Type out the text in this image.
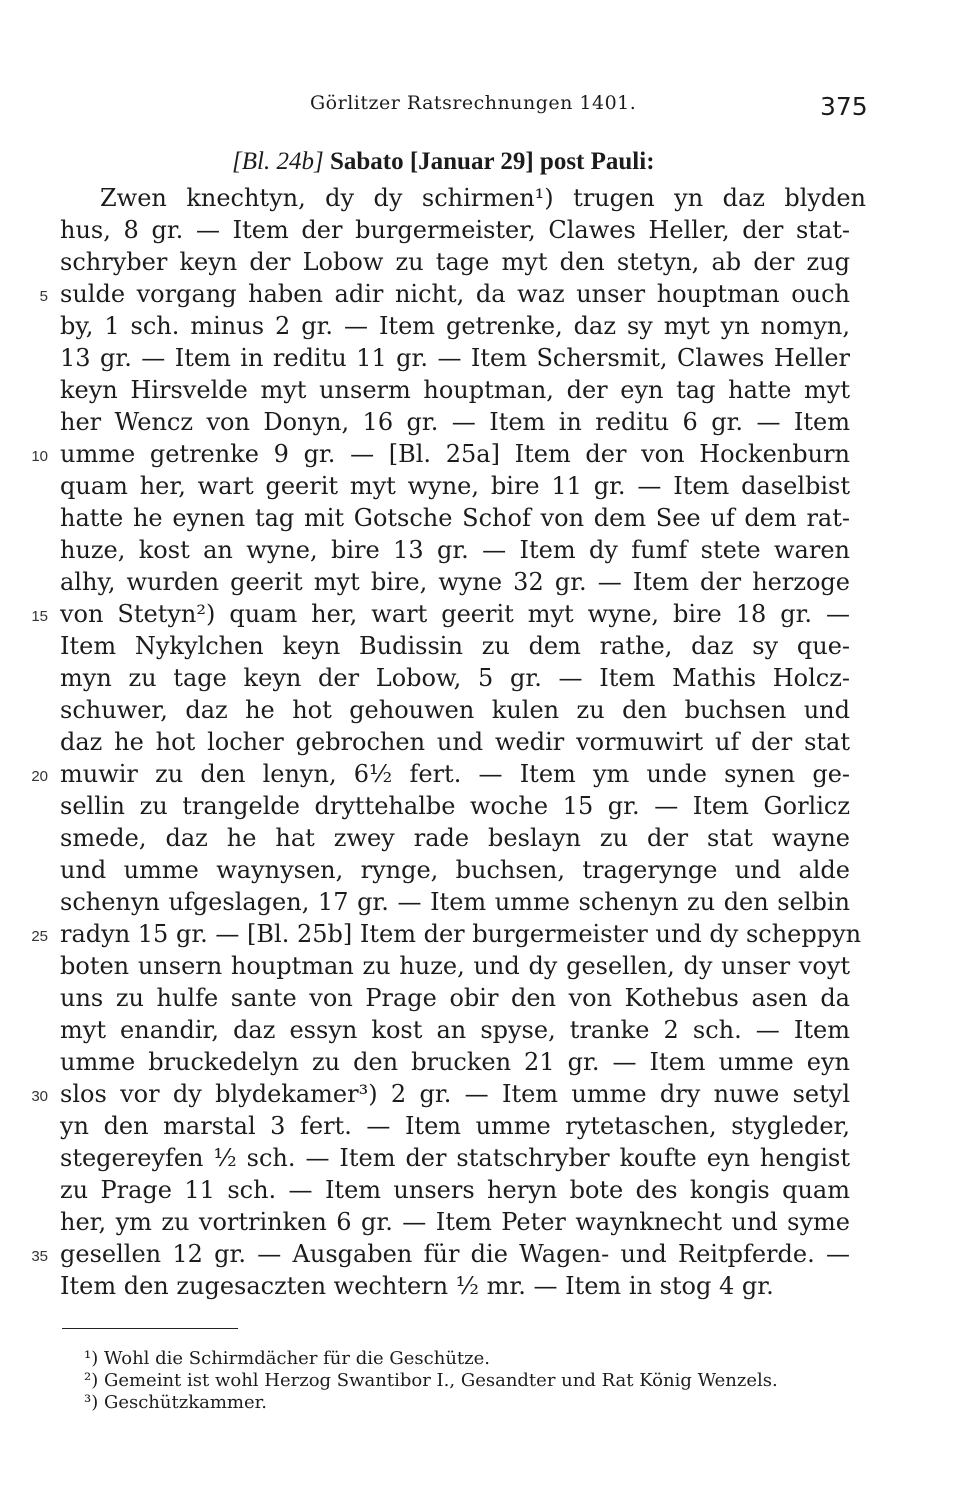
Görlitzer Ratsrechnungen 1401.	375
[Bl. 24b] Sabato [Januar 29] post Pauli:
Zwen knechtyn, dy dy schirmen¹) trugen yn daz blyden
hus, 8 gr. — Item der burgermeister, Clawes Heller, der stat-
schryber keyn der Lobow zu tage myt den stetyn, ab der zug
sulde vorgang haben adir nicht, da waz unser houptman ouch
by, 1 sch. minus 2 gr. — Item getrenke, daz sy myt yn nomyn,
13 gr. — Item in reditu 11 gr. — Item Schersmit, Clawes Heller
keyn Hirsvelde myt unserm houptman, der eyn tag hatte myt
her Wencz von Donyn, 16 gr. — Item in reditu 6 gr. — Item
umme getrenke 9 gr. — [Bl. 25a] Item der von Hockenburn
quam her, wart geerit myt wyne, bire 11 gr. — Item daselbist
hatte he eynen tag mit Gotsche Schof von dem See uf dem rat-
huze, kost an wyne, bire 13 gr. — Item dy fumf stete waren
alhy, wurden geerit myt bire, wyne 32 gr. — Item der herzoge
von Stetyn²) quam her, wart geerit myt wyne, bire 18 gr. —
Item Nykylchen keyn Budissin zu dem rathe, daz sy que-
myn zu tage keyn der Lobow, 5 gr. — Item Mathis Holcz-
schuwer, daz he hot gehouwen kulen zu den buchsen und
daz he hot locher gebrochen und wedir vormuwirt uf der stat
muwir zu den lenyn, 6½ fert. — Item ym unde synen ge-
sellin zu trangelde dryttehalbe woche 15 gr. — Item Gorlicz
smede, daz he hat zwey rade beslayn zu der stat wayne
und umme waynysen, rynge, buchsen, tragerynge und alde
schenyn ufgeslagen, 17 gr. — Item umme schenyn zu den selbin
radyn 15 gr. — [Bl. 25b] Item der burgermeister und dy scheppyn
boten unsern houptman zu huze, und dy gesellen, dy unser voyt
uns zu hulfe sante von Prage obir den von Kothebus asen da
myt enandir, daz essyn kost an spyse, tranke 2 sch. — Item
umme bruckedelyn zu den brucken 21 gr. — Item umme eyn
slos vor dy blydekamer³) 2 gr. — Item umme dry nuwe setyl
yn den marstal 3 fert. — Item umme rytetaschen, stygleder,
stegereyfen ½ sch. — Item der statschryber koufte eyn hengist
zu Prage 11 sch. — Item unsers heryn bote des kongis quam
her, ym zu vortrinken 6 gr. — Item Peter waynknecht und syme
gesellen 12 gr. — Ausgaben für die Wagen- und Reitpferde. —
Item den zugesaczten wechtern ½ mr. — Item in stog 4 gr.
5
10
15
20
25
30
35
¹) Wohl die Schirmdächer für die Geschütze.
²) Gemeint ist wohl Herzog Swantibor I., Gesandter und Rat König Wenzels.
³) Geschützkammer.
